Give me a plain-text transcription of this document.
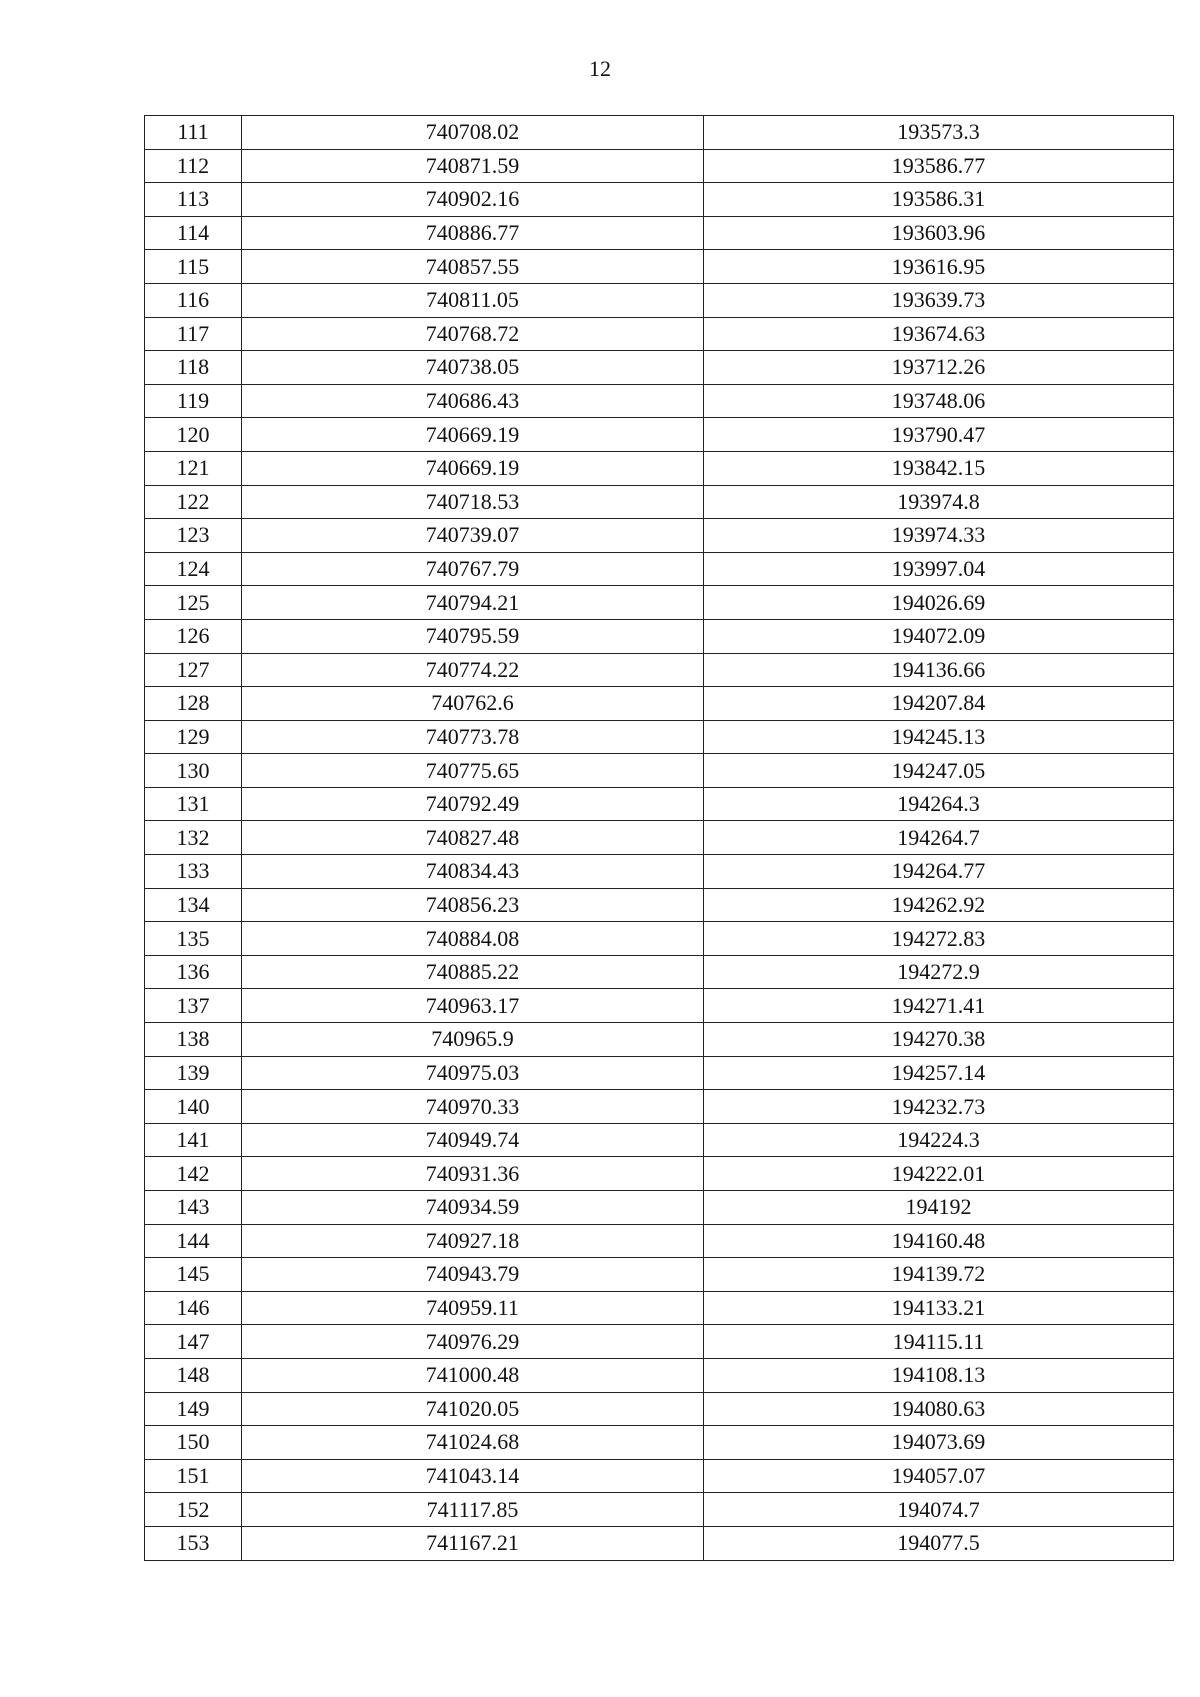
12
111	740708.02	193573.3
112	740871.59	193586.77
113	740902.16	193586.31
114	740886.77	193603.96
115	740857.55	193616.95
116	740811.05	193639.73
117	740768.72	193674.63
118	740738.05	193712.26
119	740686.43	193748.06
120	740669.19	193790.47
121	740669.19	193842.15
122	740718.53	193974.8
123	740739.07	193974.33
124	740767.79	193997.04
125	740794.21	194026.69
126	740795.59	194072.09
127	740774.22	194136.66
128	740762.6	194207.84
129	740773.78	194245.13
130	740775.65	194247.05
131	740792.49	194264.3
132	740827.48	194264.7
133	740834.43	194264.77
134	740856.23	194262.92
135	740884.08	194272.83
136	740885.22	194272.9
137	740963.17	194271.41
138	740965.9	194270.38
139	740975.03	194257.14
140	740970.33	194232.73
141	740949.74	194224.3
142	740931.36	194222.01
143	740934.59	194192
144	740927.18	194160.48
145	740943.79	194139.72
146	740959.11	194133.21
147	740976.29	194115.11
148	741000.48	194108.13
149	741020.05	194080.63
150	741024.68	194073.69
151	741043.14	194057.07
152	741117.85	194074.7
153	741167.21	194077.5
